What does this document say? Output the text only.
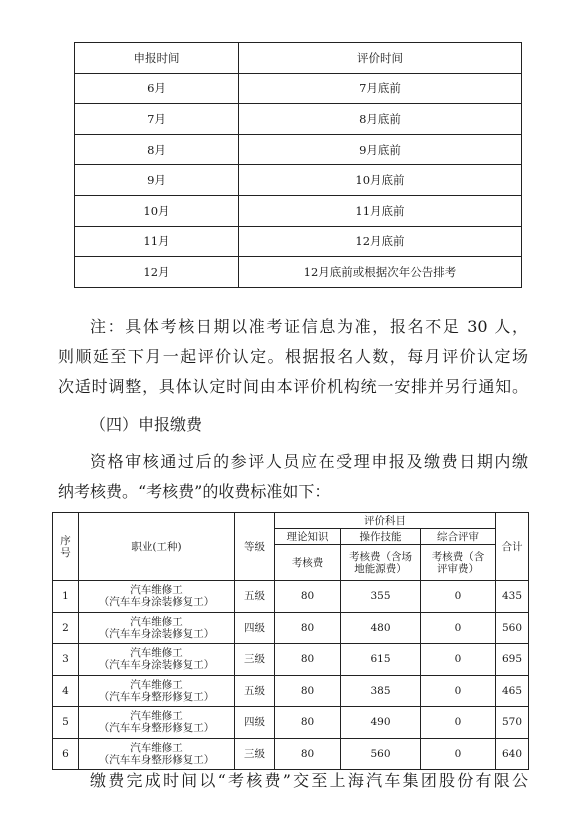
申报时间	评价时间
6月	7月底前
7月	8月底前
8月	9月底前
9月	10月底前
10月	11月底前
11月	12月底前
12月	12月底前或根据次年公告排考
注：具体考核日期以准考证信息为准，报名不足 30 人，
则顺延至下月一起评价认定。根据报名人数，每月评价认定场
次适时调整，具体认定时间由本评价机构统一安排并另行通知。
（四）申报缴费
资格审核通过后的参评人员应在受理申报及缴费日期内缴
纳考核费。“考核费”的收费标准如下：
序号	职业(工种)	等级	评价科目			合计
			理论知识	操作技能	综合评审	
			考核费	考核费（含场地能源费）	考核费（含评审费）	
1	汽车维修工
（汽车车身涂装修复工）	五级	80	355	0	435
2	汽车维修工
（汽车车身涂装修复工）	四级	80	480	0	560
3	汽车维修工
（汽车车身涂装修复工）	三级	80	615	0	695
4	汽车维修工
（汽车车身整形修复工）	五级	80	385	0	465
5	汽车维修工
（汽车车身整形修复工）	四级	80	490	0	570
6	汽车维修工
（汽车车身整形修复工）	三级	80	560	0	640
缴费完成时间以“考核费”交至上海汽车集团股份有限公
